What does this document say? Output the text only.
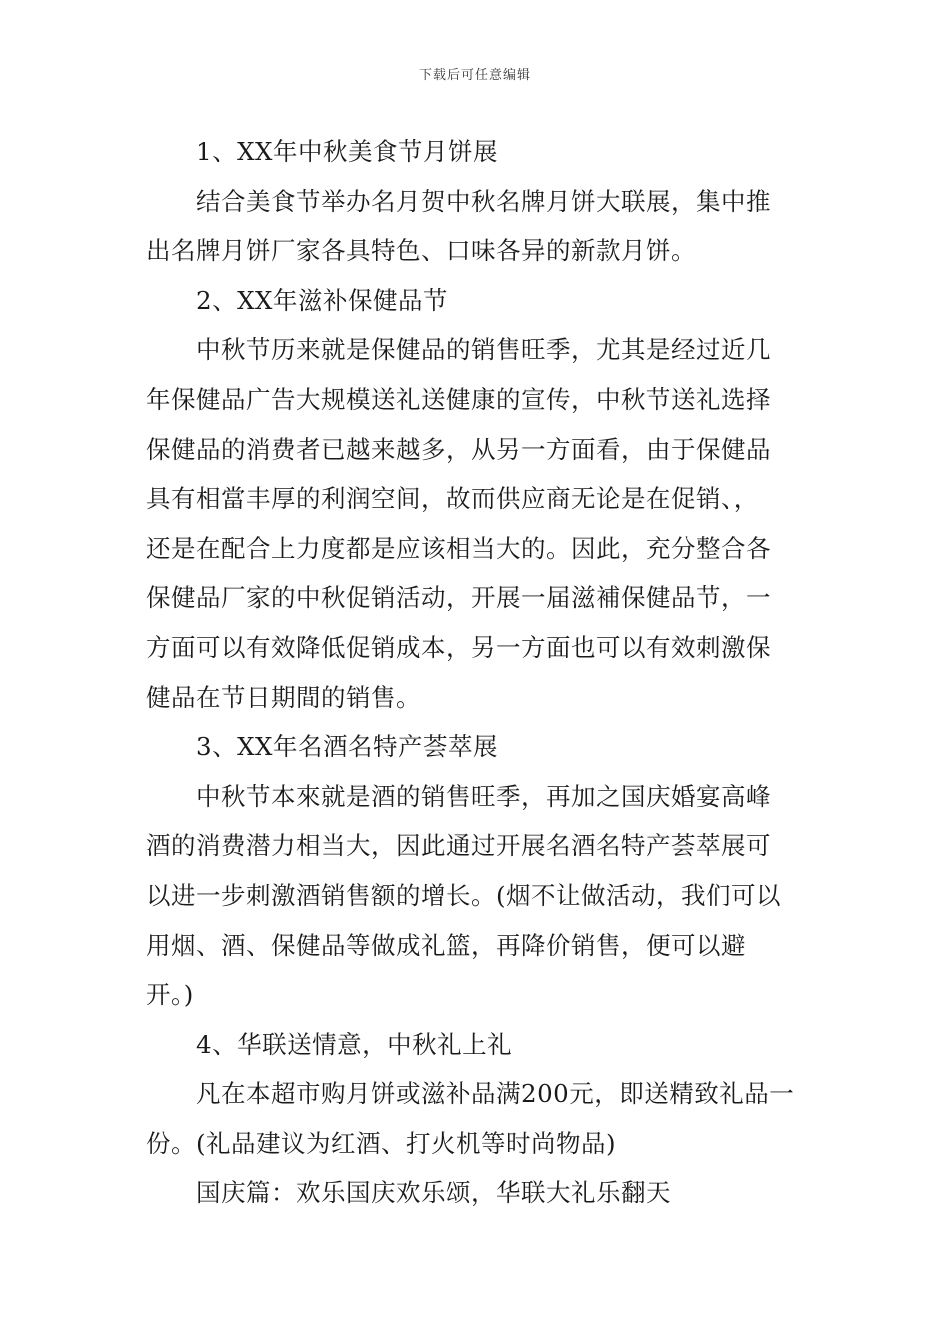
下载后可任意编辑
1、XX年中秋美食节月饼展
结合美食节举办名月贺中秋名牌月饼大联展，集中推
出名牌月饼厂家各具特色、口味各异的新款月饼。
2、XX年滋补保健品节
中秋节历来就是保健品的销售旺季，尤其是经过近几
年保健品广告大规模送礼送健康的宣传，中秋节送礼选择
保健品的消费者已越来越多，从另一方面看，由于保健品
具有相當丰厚的利润空间，故而供应商无论是在促销、，
还是在配合上力度都是应该相当大的。因此，充分整合各
保健品厂家的中秋促销活动，开展一届滋補保健品节，一
方面可以有效降低促销成本，另一方面也可以有效刺激保
健品在节日期間的销售。
3、XX年名酒名特产荟萃展
中秋节本來就是酒的销售旺季，再加之国庆婚宴高峰
酒的消费潜力相当大，因此通过开展名酒名特产荟萃展可
以进一步刺激酒销售额的增长。(烟不让做活动，我们可以
用烟、酒、保健品等做成礼篮，再降价销售，便可以避
开。)
4、华联送情意，中秋礼上礼
凡在本超市购月饼或滋补品满200元，即送精致礼品一
份。(礼品建议为红酒、打火机等时尚物品)
国庆篇：欢乐国庆欢乐颂，华联大礼乐翻天
